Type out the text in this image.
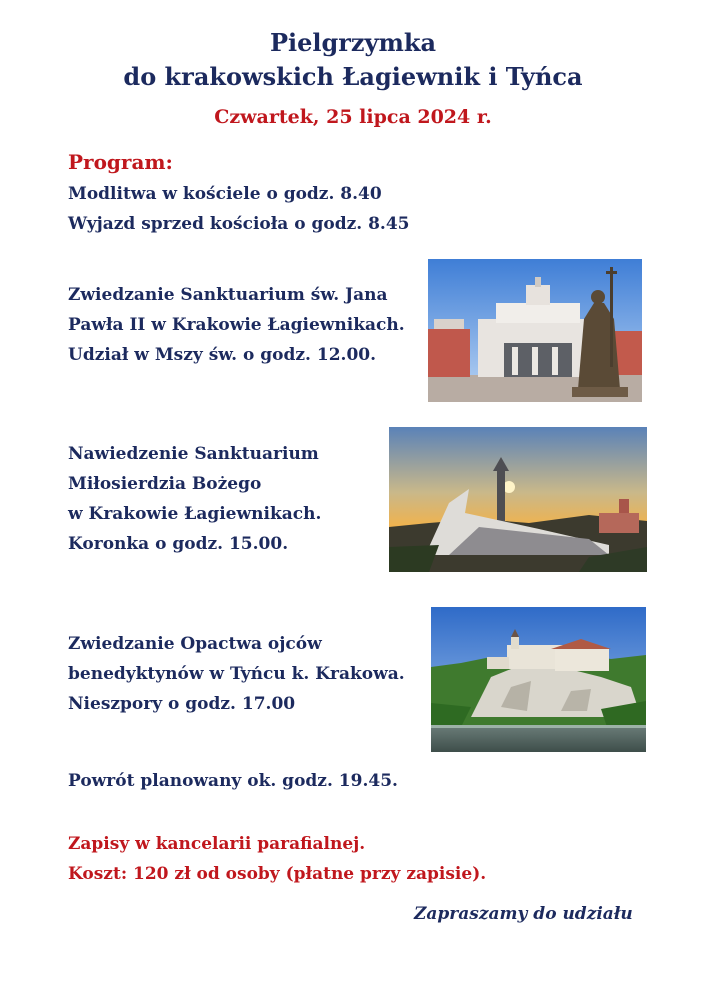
Pielgrzymka
do krakowskich Łagiewnik i Tyńca
Czwartek, 25 lipca 2024 r.
Program:
Modlitwa w kościele o godz. 8.40
Wyjazd sprzed kościoła o godz. 8.45
Zwiedzanie Sanktuarium św. Jana
Pawła II w Krakowie Łagiewnikach.
Udział w Mszy św. o godz. 12.00.
Nawiedzenie Sanktuarium
Miłosierdzia Bożego
w Krakowie Łagiewnikach.
Koronka o godz. 15.00.
Zwiedzanie Opactwa ojców
benedyktynów w Tyńcu k. Krakowa.
Nieszpory o godz. 17.00
Powrót planowany ok. godz. 19.45.
Zapisy w kancelarii parafialnej.
Koszt: 120 zł od osoby (płatne przy zapisie).
Zapraszamy do udziału
